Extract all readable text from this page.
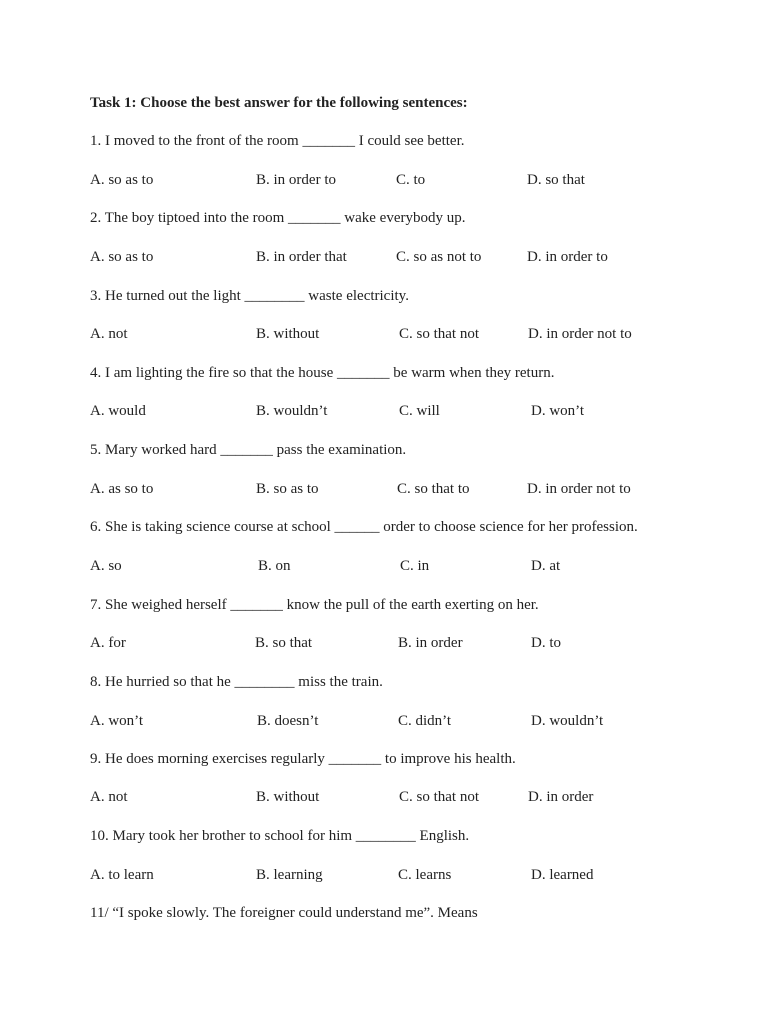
Task 1: Choose the best answer for the following sentences:
1. I moved to the front of the room _______ I could see better.
A. so as to	B. in order to	C. to	D. so that
2. The boy tiptoed into the room _______ wake everybody up.
A. so as to	B. in order that	C. so as not to	D. in order to
3. He turned out the light ________ waste electricity.
A. not	B. without	C. so that not	D. in order not to
4. I am lighting the fire so that the house _______ be warm when they return.
A. would	B. wouldn’t	C. will	D. won’t
5. Mary worked hard _______ pass the examination.
A. as so to	B. so as to	C. so that to	D. in order not to
6. She is taking science course at school ______ order to choose science for her profession.
A. so	B. on	C. in	D. at
7. She weighed herself _______ know the pull of the earth exerting on her.
A. for	B. so that	B. in order	D. to
8. He hurried so that he ________ miss the train.
A. won’t	B. doesn’t	C. didn’t	D. wouldn’t
9. He does morning exercises regularly _______ to improve his health.
A. not	B. without	C. so that not	D. in order
10. Mary took her brother to school for him ________ English.
A. to learn	B. learning	C. learns	D. learned
11/ “I spoke slowly. The foreigner could understand me”. Means
